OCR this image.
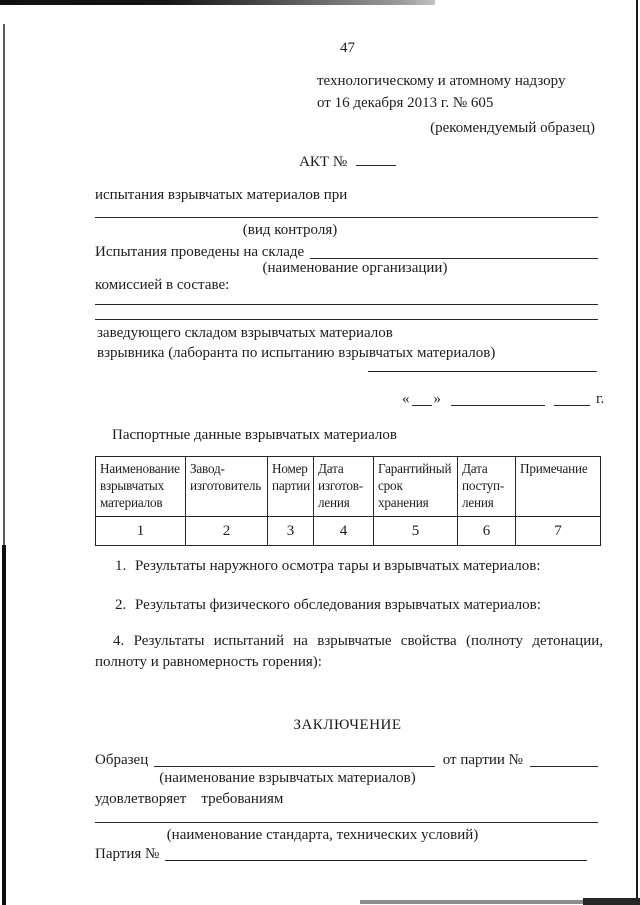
47
технологическому и атомному надзору
от 16 декабря 2013 г. № 605
(рекомендуемый образец)
АКТ №
испытания взрывчатых материалов при
(вид контроля)
Испытания проведены на складе
(наименование организации)
комиссией в составе:
заведующего складом взрывчатых материалов
взрывника (лаборанта по испытанию взрывчатых материалов)
« »	г.
Паспортные данные взрывчатых материалов
Наименование взрывчатых материалов	Завод-изготовитель	Номер партии	Дата изготов-ления	Гарантийный срок хранения	Дата поступ-ления	Примечание
1	2	3	4	5	6	7
1. Результаты наружного осмотра тары и взрывчатых материалов:
2. Результаты физического обследования взрывчатых материалов:
4. Результаты испытаний на взрывчатые свойства (полноту детонации, полноту и равномерность горения):
ЗАКЛЮЧЕНИЕ
Образец	от партии №
(наименование взрывчатых материалов)
удовлетворяет    требованиям
(наименование стандарта, технических условий)
Партия №
